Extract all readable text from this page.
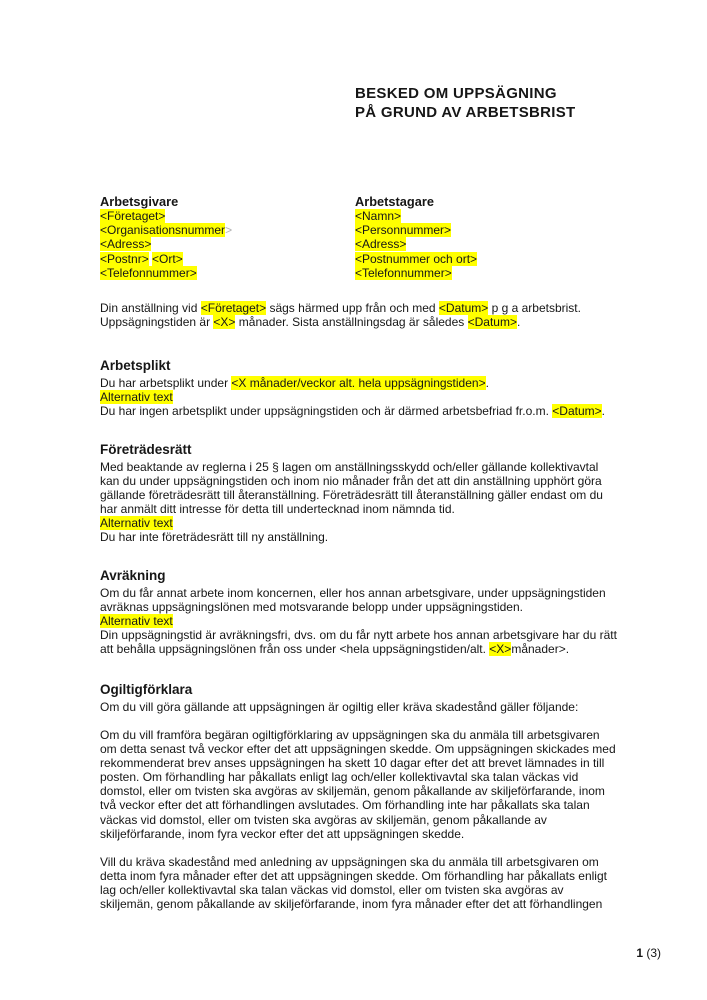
BESKED OM UPPSÄGNING
PÅ GRUND AV ARBETSBRIST
Arbetsgivare
<Företaget>
<Organisationsnummer>
<Adress>
<Postnr> <Ort>
<Telefonnummer>
Arbetstagare
<Namn>
<Personnummer>
<Adress>
<Postnummer och ort>
<Telefonnummer>
Din anställning vid <Företaget> sägs härmed upp från och med <Datum> p g a arbetsbrist. Uppsägningstiden är <X> månader. Sista anställningsdag är således <Datum>.
Arbetsplikt
Du har arbetsplikt under <X månader/veckor alt. hela uppsägningstiden>.
Alternativ text
Du har ingen arbetsplikt under uppsägningstiden och är därmed arbetsbefriad fr.o.m. <Datum>.
Företrädesrätt
Med beaktande av reglerna i 25 § lagen om anställningsskydd och/eller gällande kollektivavtal kan du under uppsägningstiden och inom nio månader från det att din anställning upphört göra gällande företrädesrätt till återanställning. Företrädesrätt till återanställning gäller endast om du har anmält ditt intresse för detta till undertecknad inom nämnda tid.
Alternativ text
Du har inte företrädesrätt till ny anställning.
Avräkning
Om du får annat arbete inom koncernen, eller hos annan arbetsgivare, under uppsägningstiden avräknas uppsägningslönen med motsvarande belopp under uppsägningstiden.
Alternativ text
Din uppsägningstid är avräkningsfri, dvs. om du får nytt arbete hos annan arbetsgivare har du rätt att behålla uppsägningslönen från oss under <hela uppsägningstiden/alt. <X>månader>.
Ogiltigförklara
Om du vill göra gällande att uppsägningen är ogiltig eller kräva skadestånd gäller följande:
Om du vill framföra begäran ogiltigförklaring av uppsägningen ska du anmäla till arbetsgivaren om detta senast två veckor efter det att uppsägningen skedde. Om uppsägningen skickades med rekommenderat brev anses uppsägningen ha skett 10 dagar efter det att brevet lämnades in till posten. Om förhandling har påkallats enligt lag och/eller kollektivavtal ska talan väckas vid domstol, eller om tvisten ska avgöras av skiljemän, genom påkallande av skiljeförfarande, inom två veckor efter det att förhandlingen avslutades. Om förhandling inte har påkallats ska talan väckas vid domstol, eller om tvisten ska avgöras av skiljemän, genom påkallande av skiljeförfarande, inom fyra veckor efter det att uppsägningen skedde.
Vill du kräva skadestånd med anledning av uppsägningen ska du anmäla till arbetsgivaren om detta inom fyra månader efter det att uppsägningen skedde. Om förhandling har påkallats enligt lag och/eller kollektivavtal ska talan väckas vid domstol, eller om tvisten ska avgöras av skiljemän, genom påkallande av skiljeförfarande, inom fyra månader efter det att förhandlingen
1 (3)
